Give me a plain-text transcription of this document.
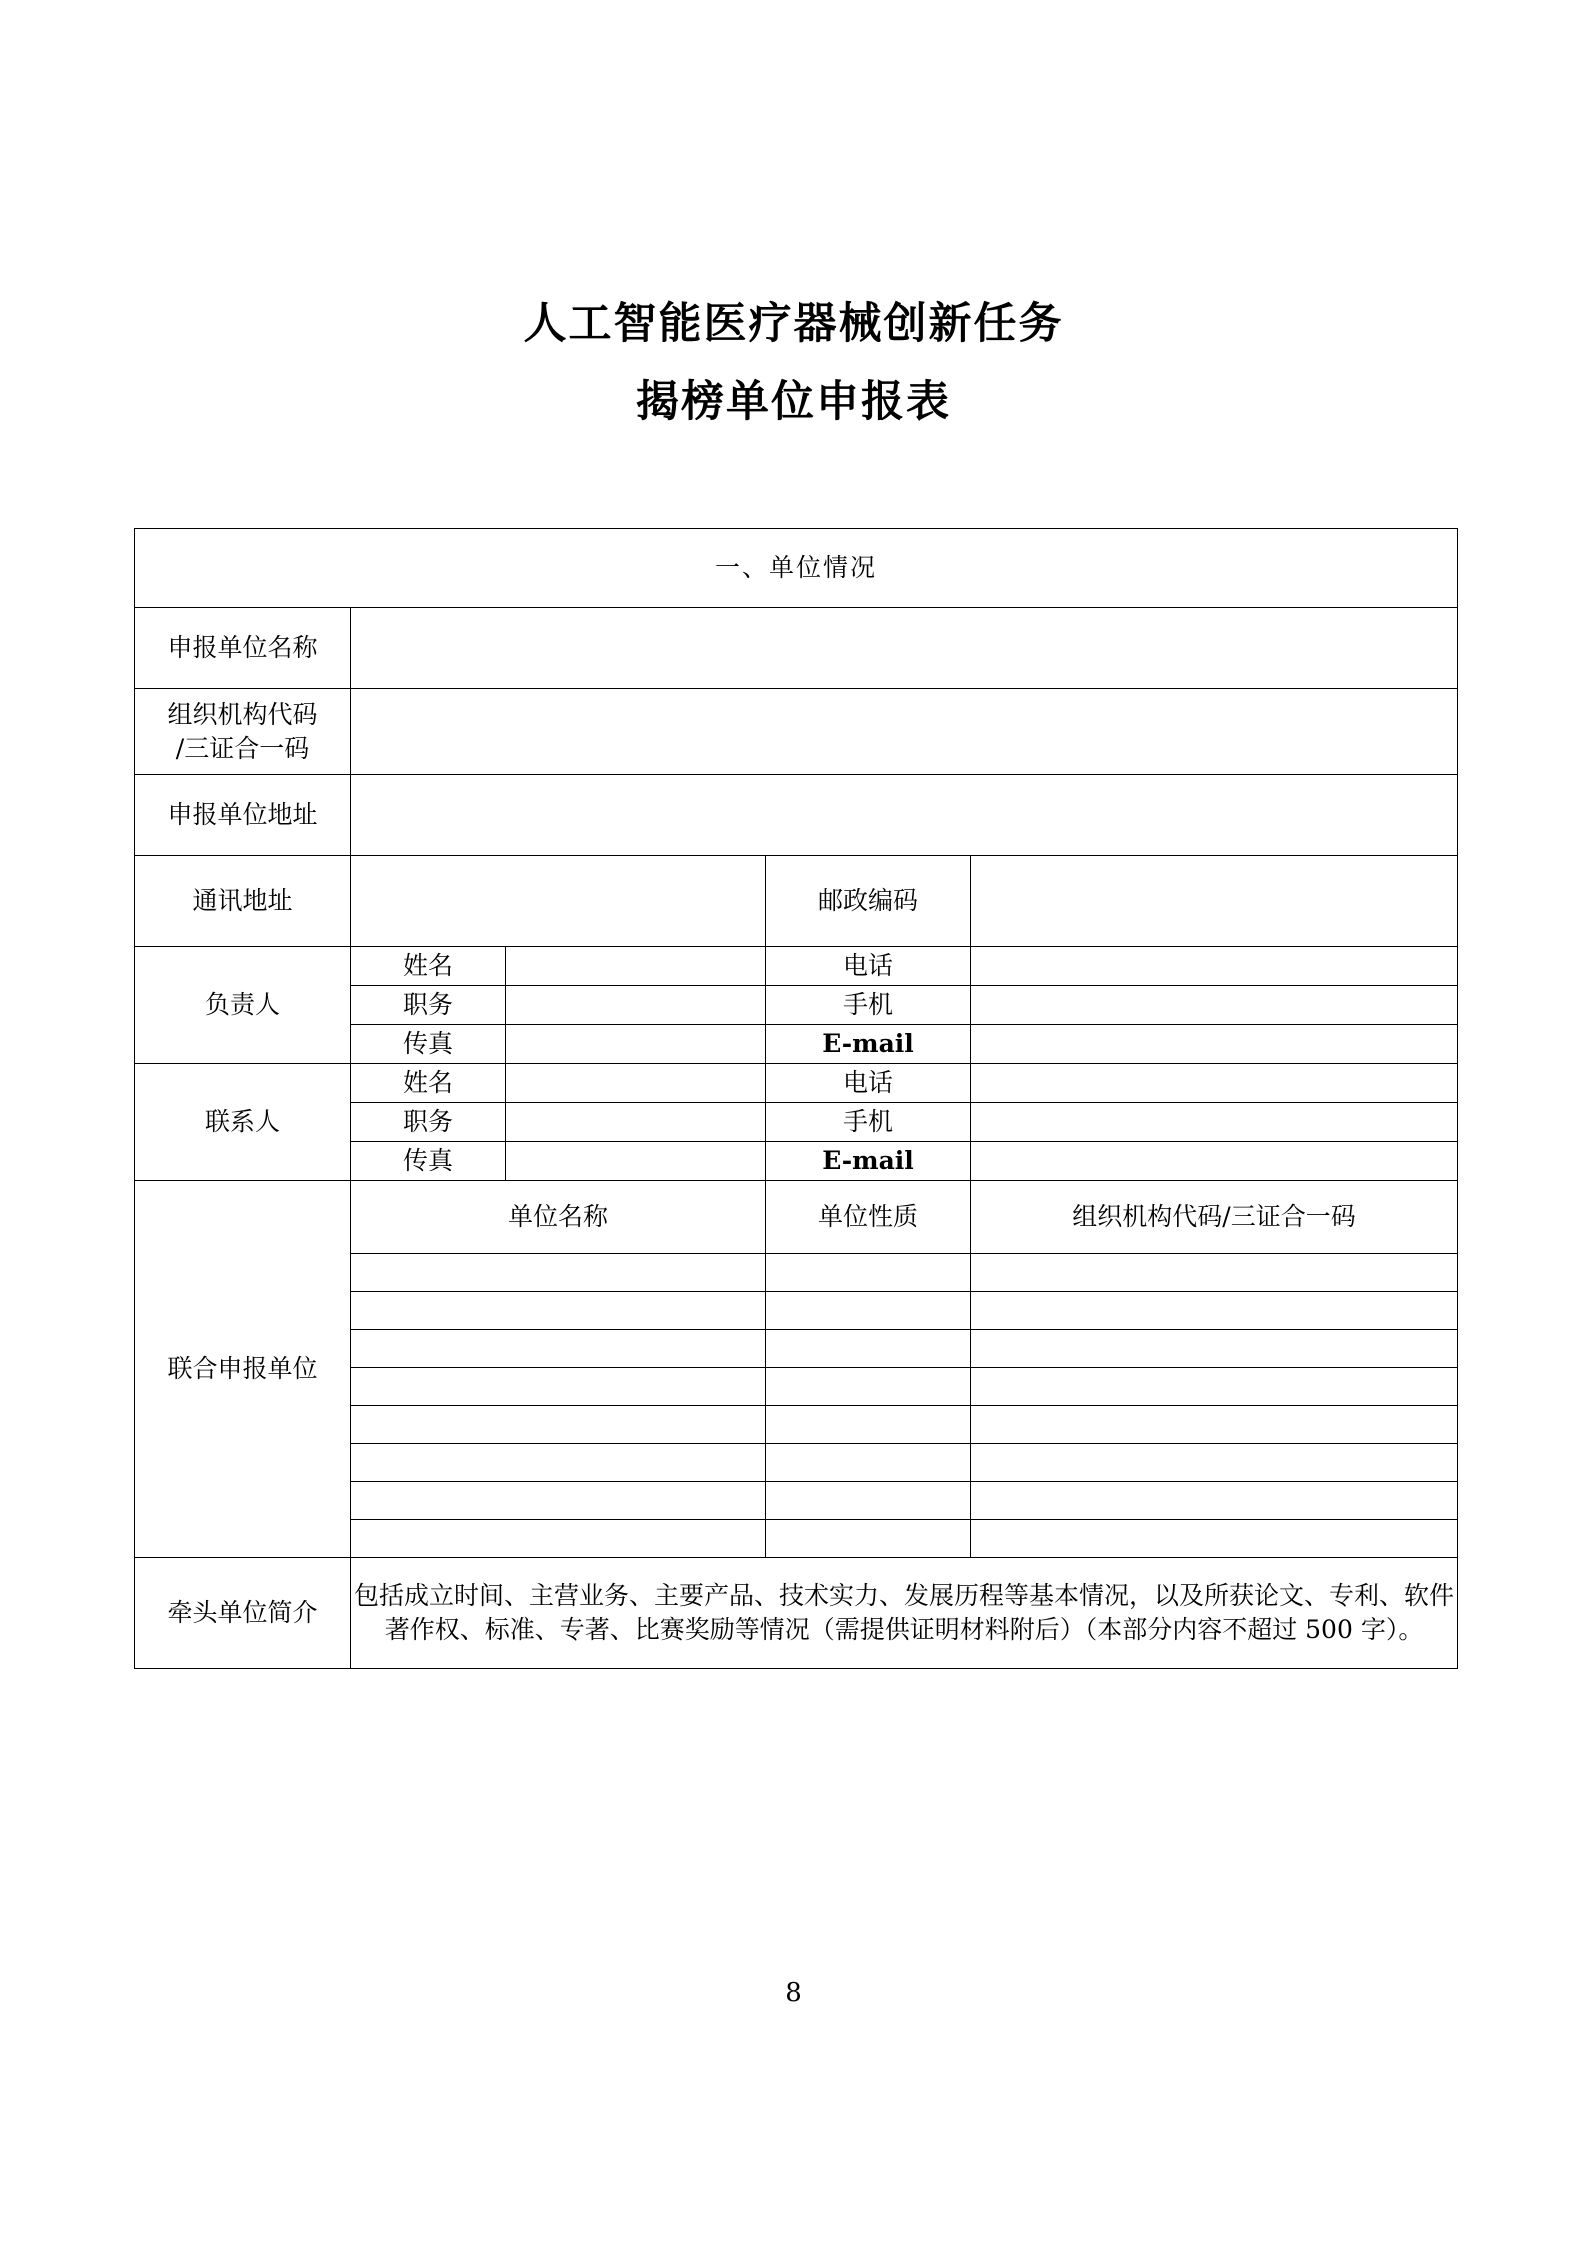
人工智能医疗器械创新任务
揭榜单位申报表
一、单位情况				
申报单位名称				

组织机构代码
/三证合一码				

申报单位地址				
通讯地址			邮政编码	
负责人	姓名		电话	
	职务		手机	
	传真		E-mail	
联系人	姓名		电话	
	职务		手机	
	传真		E-mail	
联合申报单位	单位名称		单位性质	组织机构代码/三证合一码

牵头单位简介	包括成立时间、主营业务、主要产品、技术实力、发展历程等基本情况，以及所获论文、专利、软件著作权、标准、专著、比赛奖励等情况（需提供证明材料附后）（本部分内容不超过 500 字）。			
8
